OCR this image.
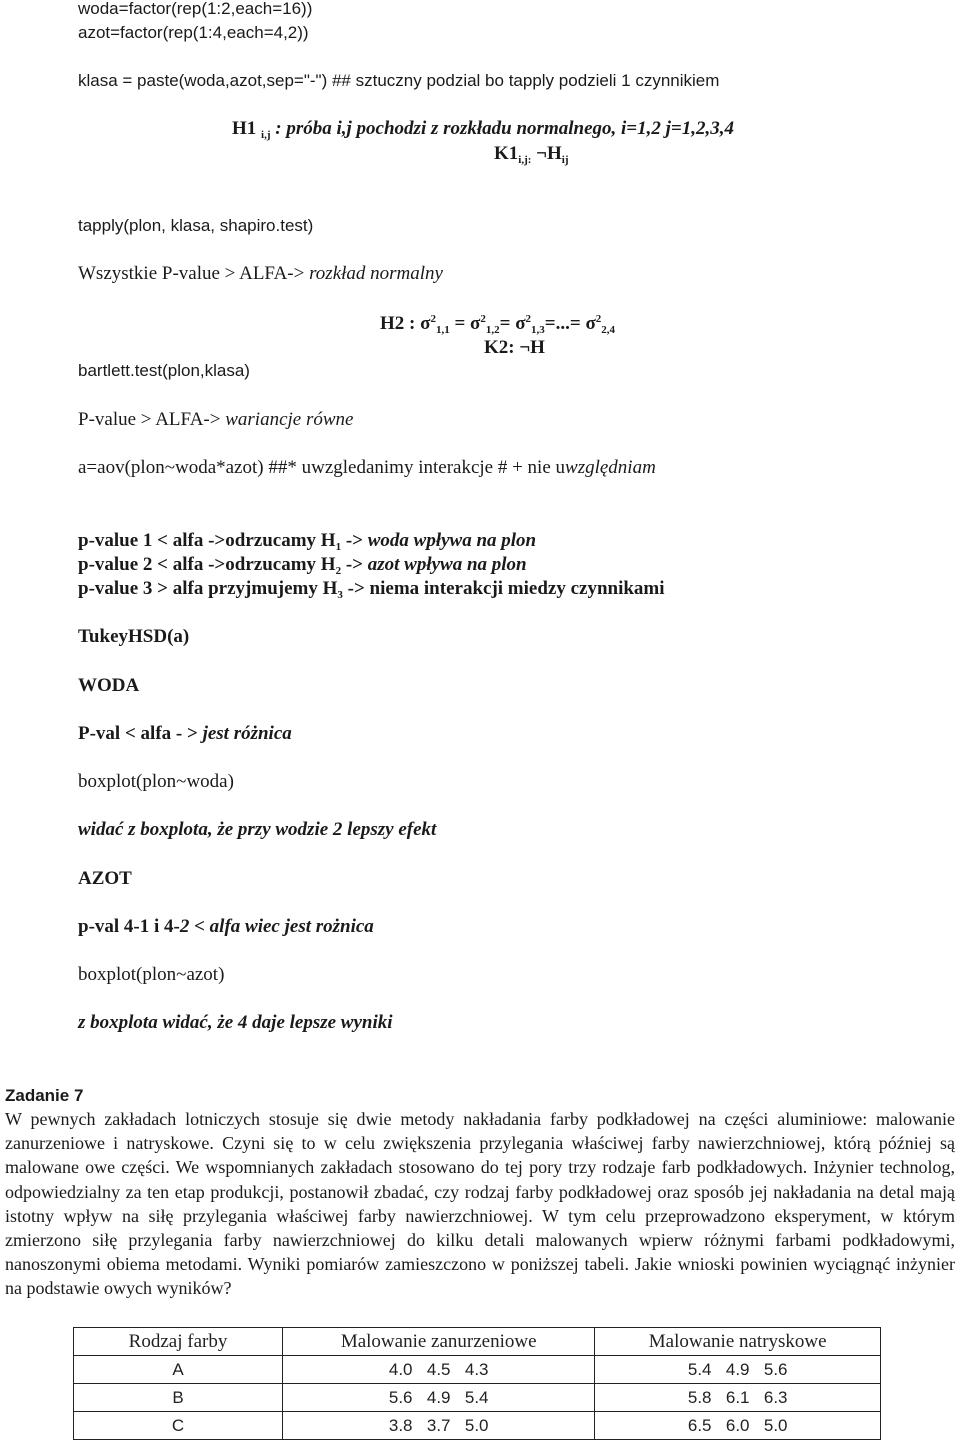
woda=factor(rep(1:2,each=16))
azot=factor(rep(1:4,each=4,2))
klasa = paste(woda,azot,sep="-") ## sztuczny podzial bo tapply podzieli 1 czynnikiem
H1 $_{i,j}$ : próba i,j pochodzi z rozkładu normalnego, i=1,2 j=1,2,3,4
$K1_{i,j:}$ $\neg H_{ij}$
tapply(plon, klasa, shapiro.test)
Wszystkie P-value > ALFA-> rozkład normalny
H2 : $\sigma^2_{1,1} = \sigma^2_{1,2}= \sigma^2_{1,3}=...= \sigma^2_{2,4}$
K2: ¬H
bartlett.test(plon,klasa)
P-value > ALFA-> wariancje równe
a=aov(plon~woda*azot) ##* uwzgledanimy interakcje # + nie uwzględniam
p-value 1 < alfa ->odrzucamy $H_1$ -> woda wpływa na plon
p-value 2 < alfa ->odrzucamy $H_2$ -> azot wpływa na plon
p-value 3 > alfa przyjmujemy $H_3$ -> niema interakcji miedzy czynnikami
TukeyHSD(a)
WODA
P-val < alfa - > jest różnica
boxplot(plon~woda)
widać z boxplota, że przy wodzie 2 lepszy efekt
AZOT
p-val 4-1 i 4-2 < alfa wiec jest rożnica
boxplot(plon~azot)
z boxplota widać, że 4 daje lepsze wyniki
Zadanie 7

W pewnych zakładach lotniczych stosuje się dwie metody nakładania farby podkładowej na części aluminiowe: malowanie zanurzeniowe i natryskowe. Czyni się to w celu zwiększenia przylegania właściwej farby nawierzchniowej, którą później są malowane owe części. We wspomnianych zakładach stosowano do tej pory trzy rodzaje farb podkładowych. Inżynier technolog, odpowiedzialny za ten etap produkcji, postanowił zbadać, czy rodzaj farby podkładowej oraz sposób jej nakładania na detal mają istotny wpływ na siłę przylegania właściwej farby nawierzchniowej. W tym celu przeprowadzono eksperyment, w którym zmierzono siłę przylegania farby nawierzchniowej do kilku detali malowanych wpierw różnymi farbami podkładowymi, nanoszonymi obiema metodami. Wyniki pomiarów zamieszczono w poniższej tabeli. Jakie wnioski powinien wyciągnąć inżynier na podstawie owych wyników?

Rodzaj farby	Malowanie zanurzeniowe	Malowanie natryskowe
A	4.0 4.5 4.3	5.4 4.9 5.6
B	5.6 4.9 5.4	5.8 6.1 6.3
C	3.8 3.7 5.0	6.5 6.0 5.0
